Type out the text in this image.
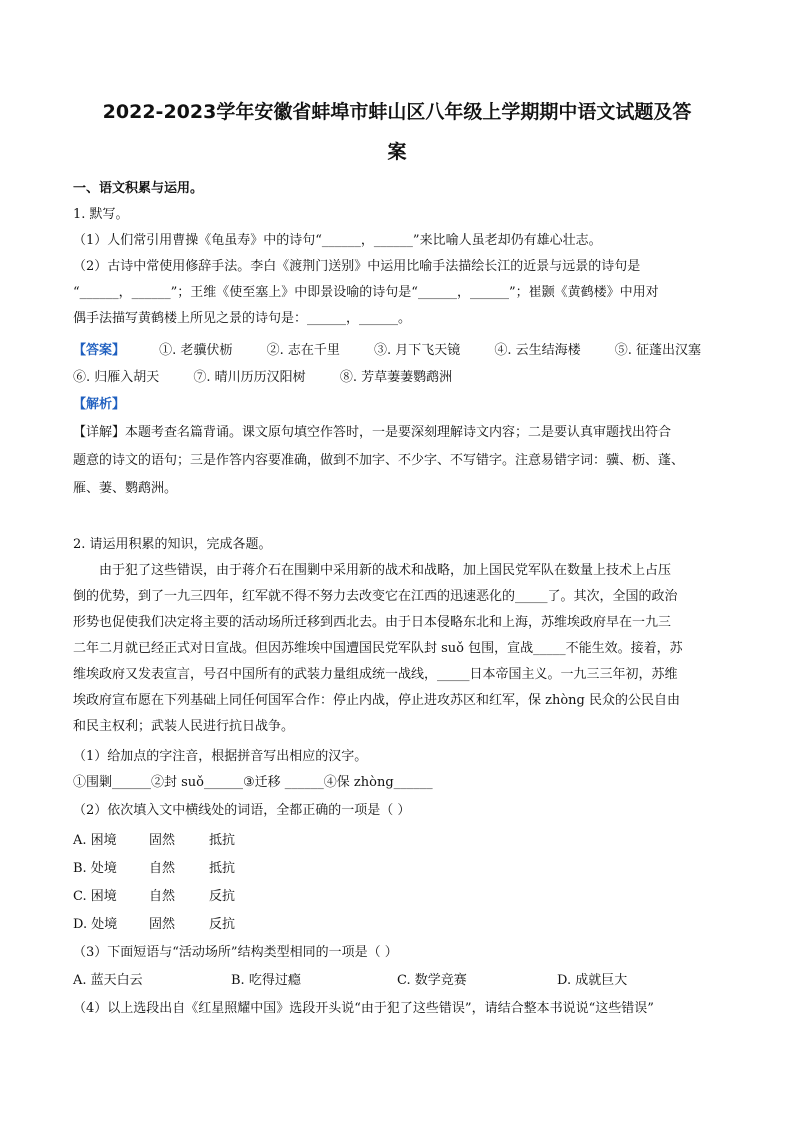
2022-2023学年安徽省蚌埠市蚌山区八年级上学期期中语文试题及答
案
一、语文积累与运用。
1. 默写。
（1）人们常引用曹操《龟虽寿》中的诗句“______，______”来比喻人虽老却仍有雄心壮志。
（2）古诗中常使用修辞手法。李白《渡荆门送别》中运用比喻手法描绘长江的近景与远景的诗句是
“______，______”；王维《使至塞上》中即景设喻的诗句是“______，______”；崔颢《黄鹤楼》中用对
偶手法描写黄鹤楼上所见之景的诗句是：______，______。
【答案】	①. 老骥伏枥	②. 志在千里	③. 月下飞天镜	④. 云生结海楼	⑤. 征蓬出汉塞
⑥. 归雁入胡天	⑦. 晴川历历汉阳树	⑧. 芳草萋萋鹦鹉洲
【解析】
【详解】本题考查名篇背诵。课文原句填空作答时，一是要深刻理解诗文内容；二是要认真审题找出符合
题意的诗文的语句；三是作答内容要准确，做到不加字、不少字、不写错字。注意易错字词：骥、枥、蓬、
雁、萋、鹦鹉洲。
2. 请运用积累的知识，完成各题。
由于犯了这些错误，由于蒋介石在围剿中采用新的战术和战略，加上国民党军队在数量上技术上占压
倒的优势，到了一九三四年，红军就不得不努力去改变它在江西的迅速恶化的_____了。其次，全国的政治
形势也促使我们决定将主要的活动场所迁移到西北去。由于日本侵略东北和上海，苏维埃政府早在一九三
二年二月就已经正式对日宣战。但因苏维埃中国遭国民党军队封 suǒ 包围，宣战_____不能生效。接着，苏
维埃政府又发表宣言，号召中国所有的武装力量组成统一战线，_____日本帝国主义。一九三三年初，苏维
埃政府宣布愿在下列基础上同任何国军合作：停止内战，停止进攻苏区和红军，保 zhòng 民众的公民自由
和民主权利；武装人民进行抗日战争。
（1）给加点的字注音，根据拼音写出相应的汉字。
①围剿______②封 suǒ______③迁移 ______④保 zhòng______
（2）依次填入文中横线处的词语，全都正确的一项是（ ）
A. 困境 固然	抵抗
B. 处境 自然	抵抗
C. 困境 自然	反抗
D. 处境 固然	反抗
（3）下面短语与“活动场所”结构类型相同的一项是（ ）
A. 蓝天白云	B. 吃得过瘾	C. 数学竞赛	D. 成就巨大
（4）以上选段出自《红星照耀中国》选段开头说“由于犯了这些错误”，请结合整本书说说“这些错误”
